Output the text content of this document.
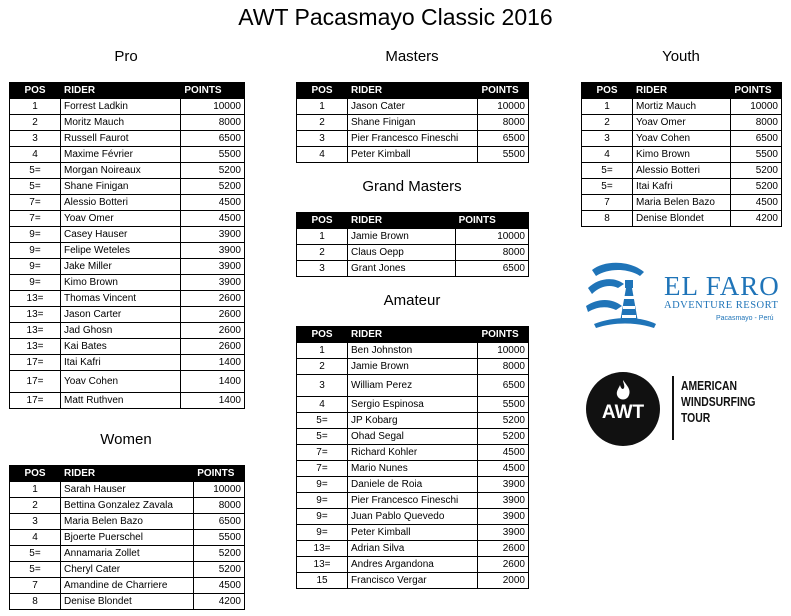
AWT Pacasmayo Classic 2016
Pro
Women
Masters
Grand Masters
Amateur
Youth
POS	RIDER	POINTS
1	Forrest Ladkin	10000
2	Moritz Mauch	8000
3	Russell Faurot	6500
4	Maxime Février	5500
5=	Morgan Noireaux	5200
5=	Shane Finigan	5200
7=	Alessio Botteri	4500
7=	Yoav Omer	4500
9=	Casey Hauser	3900
9=	Felipe Weteles	3900
9=	Jake Miller	3900
9=	Kimo Brown	3900
13=	Thomas Vincent	2600
13=	Jason Carter	2600
13=	Jad Ghosn	2600
13=	Kai Bates	2600
17=	Itai Kafri	1400
17=	Yoav Cohen	1400
17=	Matt Ruthven	1400
POS	RIDER	POINTS
1	Sarah Hauser	10000
2	Bettina Gonzalez Zavala	8000
3	Maria Belen Bazo	6500
4	Bjoerte Puerschel	5500
5=	Annamaria Zollet	5200
5=	Cheryl Cater	5200
7	Amandine de Charriere	4500
8	Denise Blondet	4200
POS	RIDER	POINTS
1	Jason Cater	10000
2	Shane Finigan	8000
3	Pier Francesco Fineschi	6500
4	Peter Kimball	5500
POS	RIDER	POINTS
1	Jamie Brown	10000
2	Claus Oepp	8000
3	Grant Jones	6500
POS	RIDER	POINTS
1	Ben Johnston	10000
2	Jamie Brown	8000
3	William Perez	6500
4	Sergio Espinosa	5500
5=	JP Kobarg	5200
5=	Ohad Segal	5200
7=	Richard Kohler	4500
7=	Mario Nunes	4500
9=	Daniele de Roia	3900
9=	Pier Francesco Fineschi	3900
9=	Juan Pablo Quevedo	3900
9=	Peter Kimball	3900
13=	Adrian Silva	2600
13=	Andres Argandona	2600
15	Francisco Vergar	2000
POS	RIDER	POINTS
1	Mortiz Mauch	10000
2	Yoav Omer	8000
3	Yoav Cohen	6500
4	Kimo Brown	5500
5=	Alessio Botteri	5200
5=	Itai Kafri	5200
7	Maria Belen Bazo	4500
8	Denise Blondet	4200
EL FARO
ADVENTURE RESORT
Pacasmayo - Perú
AWT
AMERICAN
WINDSURFING
TOUR
